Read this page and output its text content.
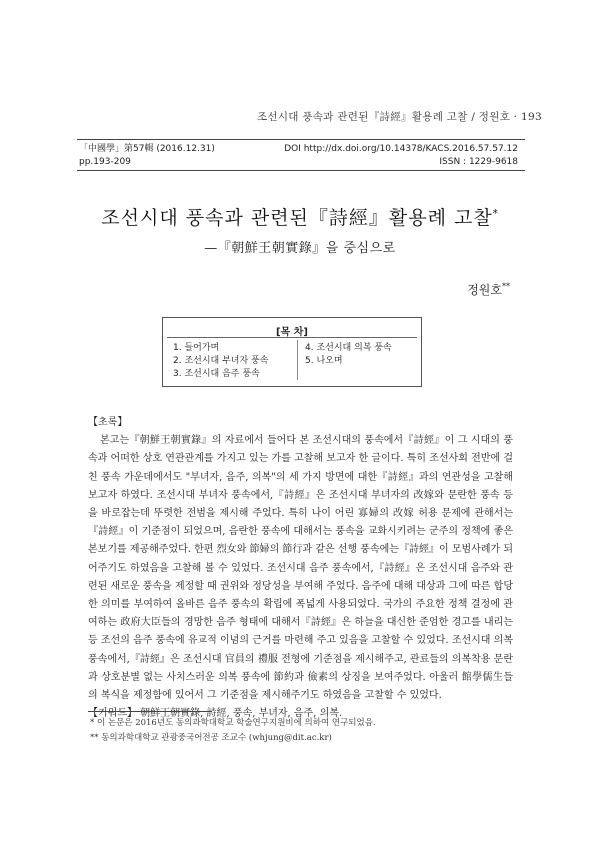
조선시대 풍속과 관련된『詩經』활용례 고찰 / 정원호 · 193
「中國學」第57輯 (2016.12.31)
pp.193-209
DOI http://dx.doi.org/10.14378/KACS.2016.57.57.12
ISSN : 1229-9618
조선시대 풍속과 관련된『詩經』활용례 고찰*
—『朝鮮王朝實錄』을 중심으로
정원호**
[목 차]
1. 들어가며
2. 조선시대 부녀자 풍속
3. 조선시대 음주 풍속
4. 조선시대 의복 풍속
5. 나오며
【초록】

본고는『朝鮮王朝實錄』의 자료에서 들어다 본 조선시대의 풍속에서『詩經』이 그 시대의 풍속과 어떠한 상호 연관관계를 가지고 있는 가를 고찰해 보고자 한 글이다. 특히 조선사회 전반에 걸친 풍속 가운데에서도 "부녀자, 음주, 의복"의 세 가지 방면에 대한『詩經』과의 연관성을 고찰해 보고자 하였다. 조선시대 부녀자 풍속에서,『詩經』은 조선시대 부녀자의 改嫁와 문란한 풍속 등을 바로잡는데 뚜렷한 전범을 제시해 주었다. 특히 나이 어린 寡婦의 改嫁 허용 문제에 관해서는『詩經』이 기준점이 되었으며, 음란한 풍속에 대해서는 풍속을 교화시키려는 군주의 정책에 좋은 본보기를 제공해주었다. 한편 烈女와 節婦의 節行과 같은 선행 풍속에는『詩經』이 모범사례가 되어주기도 하였음을 고찰해 볼 수 있었다. 조선시대 음주 풍속에서,『詩經』은 조선시대 음주와 관련된 새로운 풍속을 제정할 때 권위와 정당성을 부여해 주었다. 음주에 대해 대상과 그에 따른 합당한 의미를 부여하여 올바른 음주 풍속의 확립에 폭넓게 사용되었다. 국가의 주요한 정책 결정에 관여하는 政府大臣들의 경망한 음주 형태에 대해서『詩經』은 하늘을 대신한 준엄한 경고를 내리는 등 조선의 음주 풍속에 유교적 이념의 근거를 마련해 주고 있음을 고찰할 수 있었다. 조선시대 의복 풍속에서,『詩經』은 조선시대 官員의 禮服 전형에 기준점을 제시해주고, 관료들의 의복착용 문란과 상호분별 없는 사치스러운 의복 풍속에 節約과 儉素의 상징을 보여주었다. 아울러 館學儒生들의 복식을 제정함에 있어서 그 기준점을 제시해주기도 하였음을 고찰할 수 있었다.

【키워드】 朝鮮王朝實錄, 詩經, 풍속, 부녀자, 음주, 의복.

* 이 논문은 2016년도 동의과학대학교 학술연구지원비에 의하여 연구되었음.
** 동의과학대학교 관광중국어전공 조교수 (whjung@dit.ac.kr)
